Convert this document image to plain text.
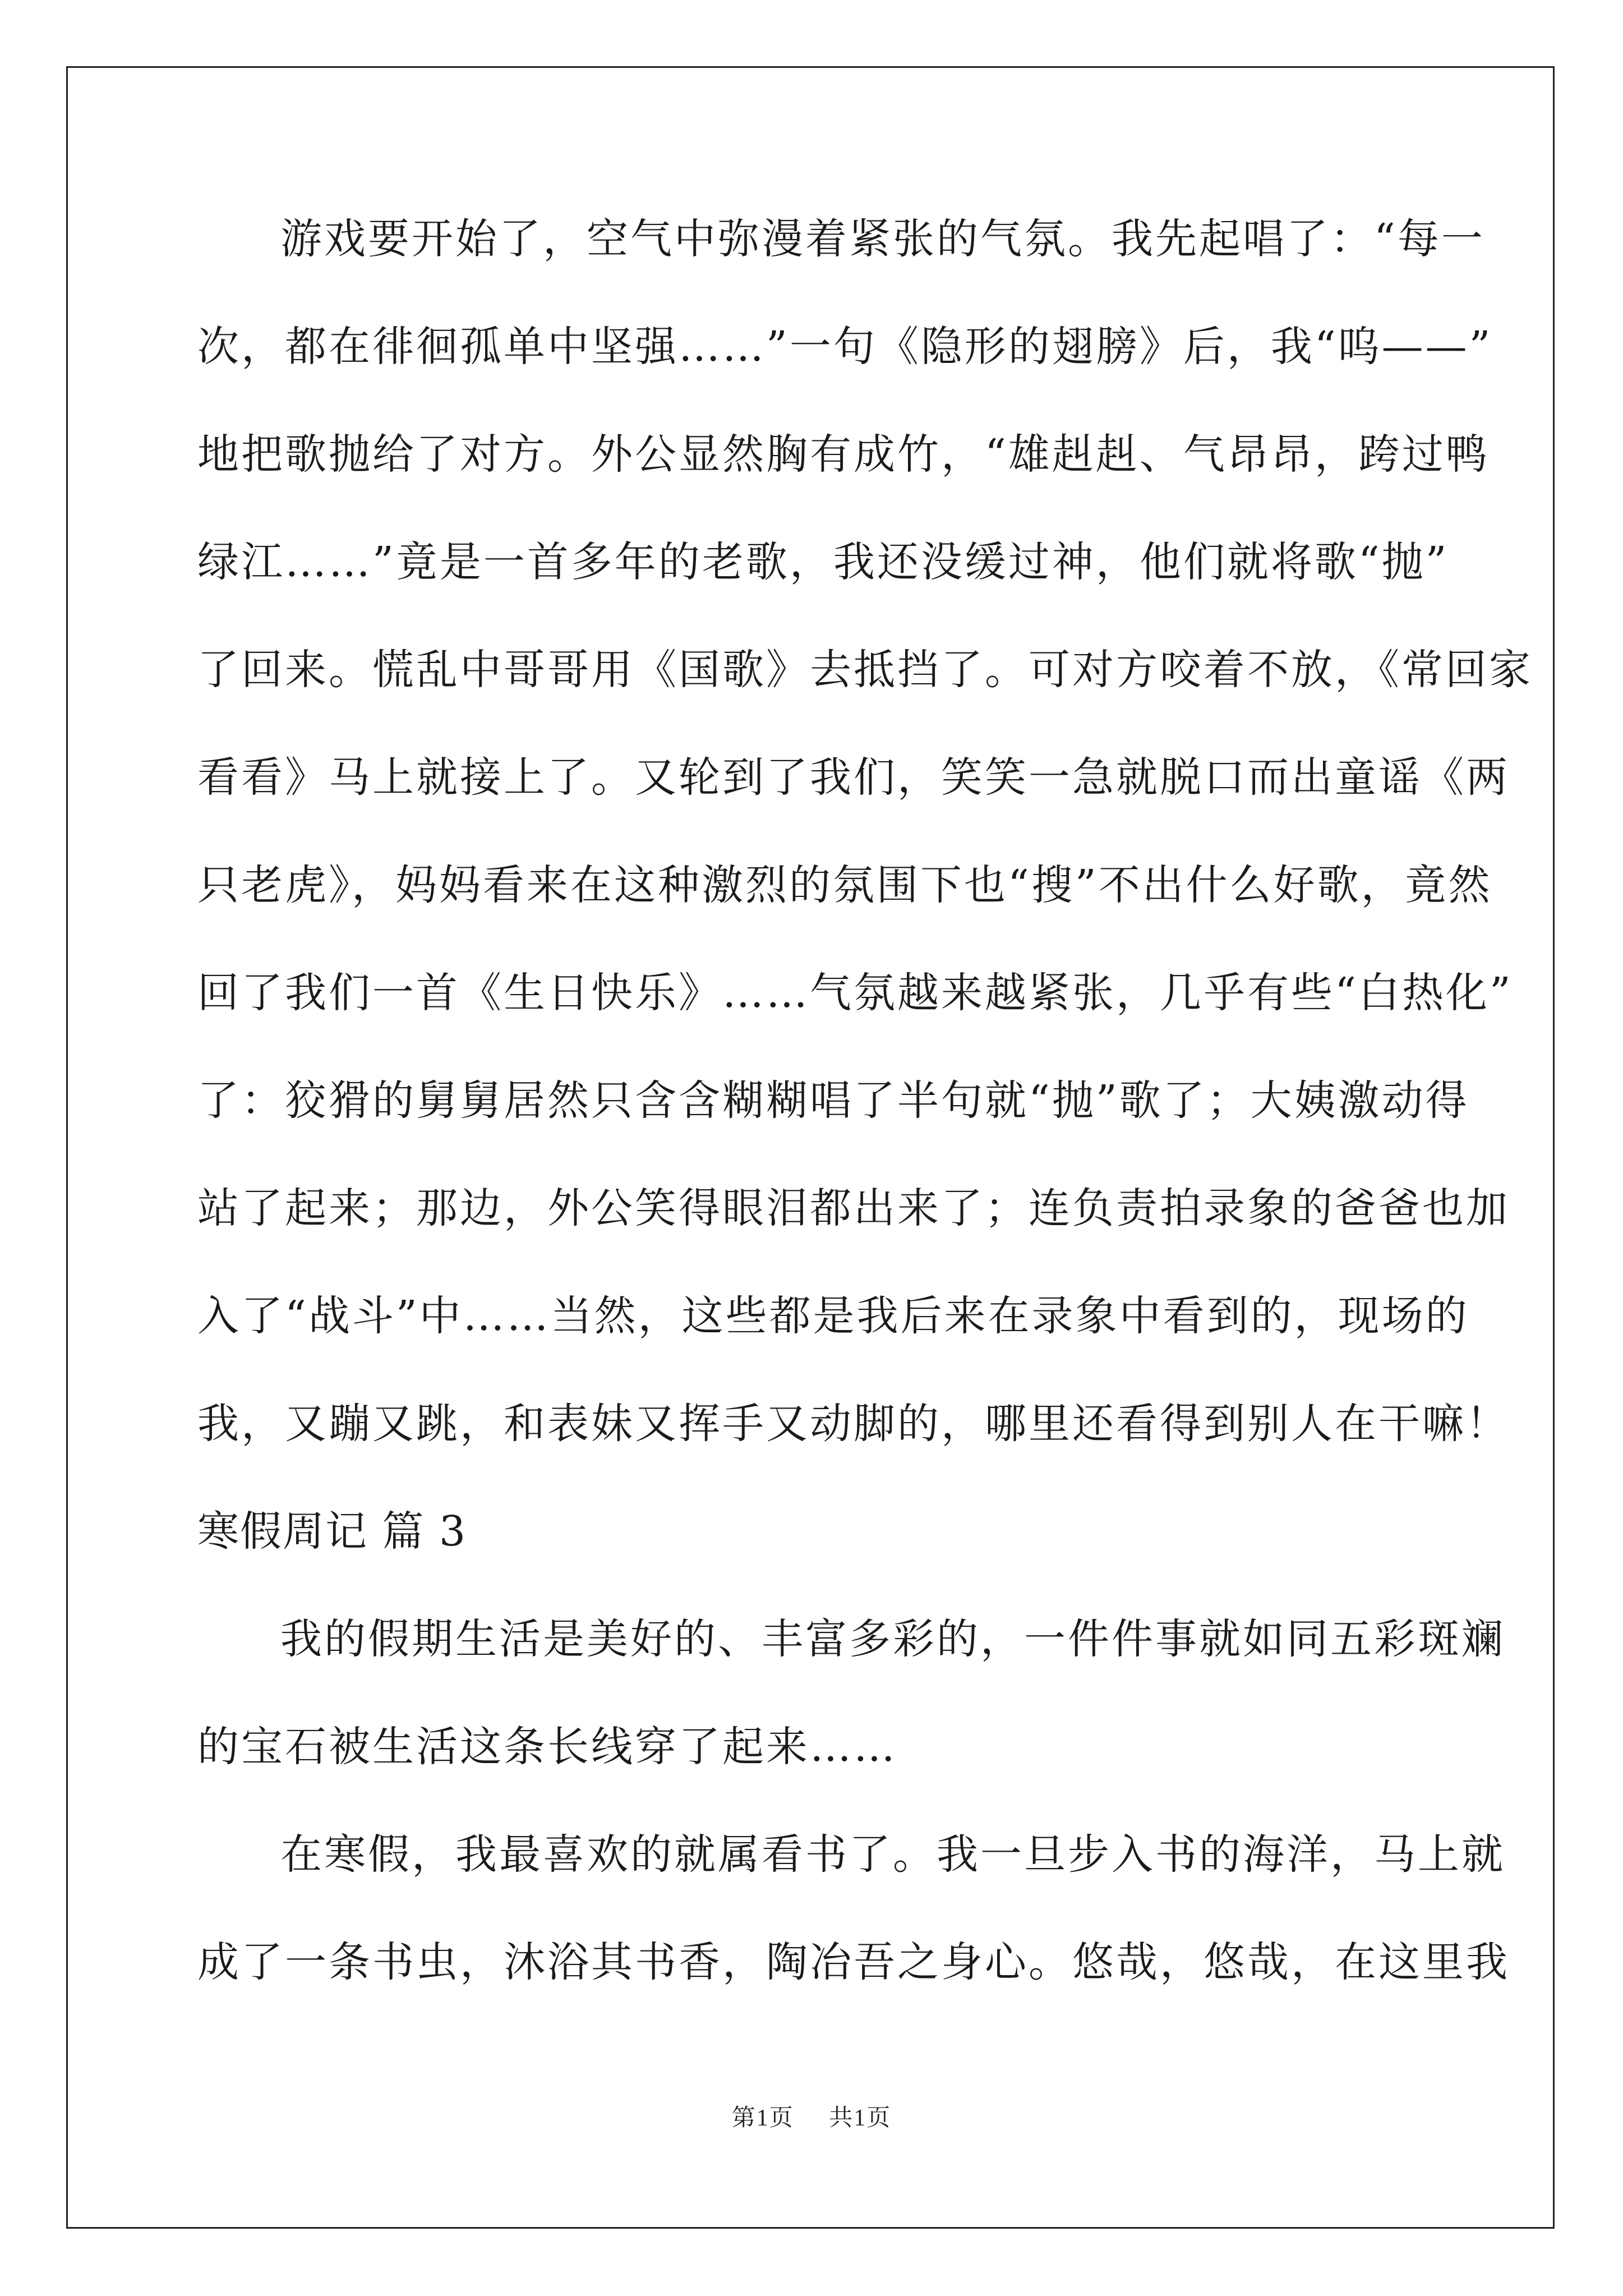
游戏要开始了，空气中弥漫着紧张的气氛。我先起唱了：“每一
次，都在徘徊孤单中坚强……”一句《隐形的翅膀》后，我“呜——”
地把歌抛给了对方。外公显然胸有成竹，“雄赳赳、气昂昂，跨过鸭
绿江……”竟是一首多年的老歌，我还没缓过神，他们就将歌“抛”
了回来。慌乱中哥哥用《国歌》去抵挡了。可对方咬着不放，《常回家
看看》马上就接上了。又轮到了我们，笑笑一急就脱口而出童谣《两
只老虎》，妈妈看来在这种激烈的氛围下也“搜”不出什么好歌，竟然
回了我们一首《生日快乐》……气氛越来越紧张，几乎有些“白热化”
了：狡猾的舅舅居然只含含糊糊唱了半句就“抛”歌了；大姨激动得
站了起来；那边，外公笑得眼泪都出来了；连负责拍录象的爸爸也加
入了“战斗”中……当然，这些都是我后来在录象中看到的，现场的
我，又蹦又跳，和表妹又挥手又动脚的，哪里还看得到别人在干嘛！
寒假周记 篇 3
我的假期生活是美好的、丰富多彩的，一件件事就如同五彩斑斓
的宝石被生活这条长线穿了起来……
在寒假，我最喜欢的就属看书了。我一旦步入书的海洋，马上就
成了一条书虫，沐浴其书香，陶冶吾之身心。悠哉，悠哉，在这里我
第1页 共1页
